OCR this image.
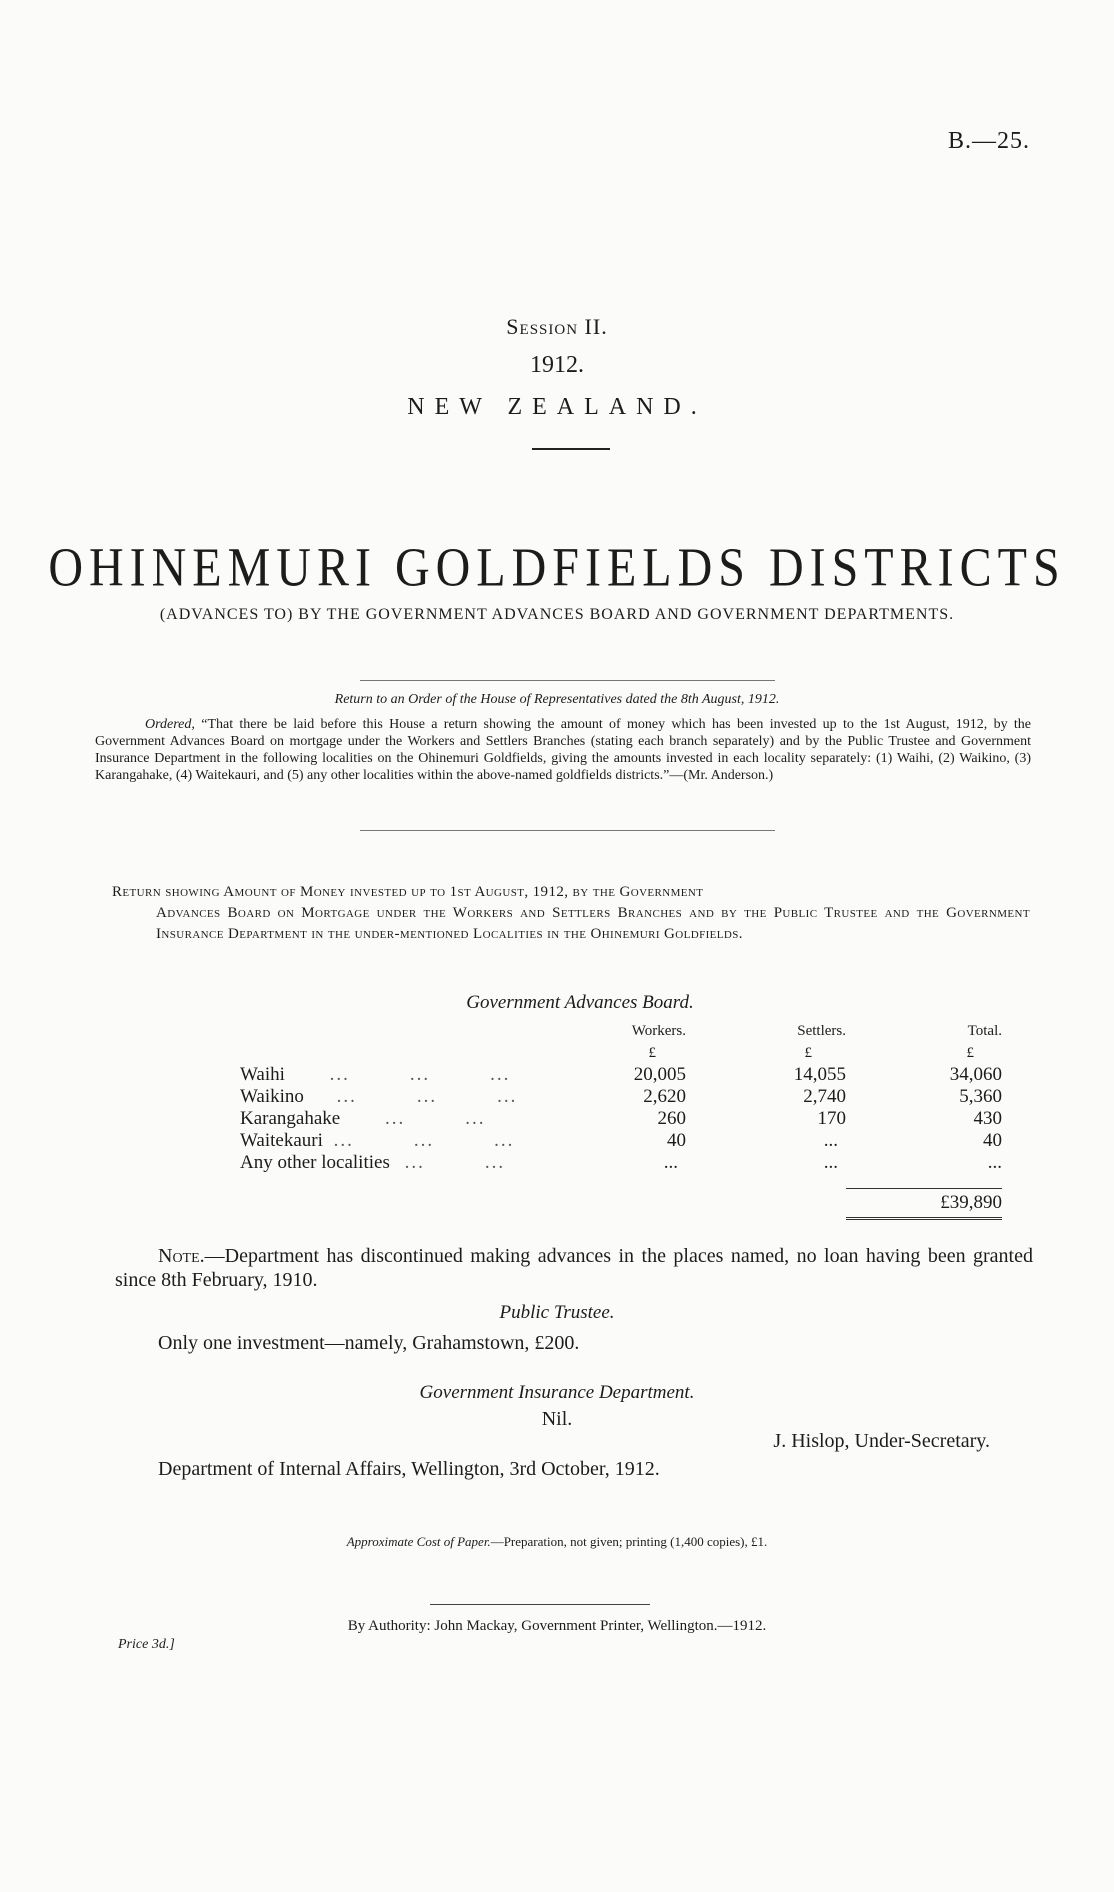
B.—25.
Session II.
1912.
NEW ZEALAND.
OHINEMURI GOLDFIELDS DISTRICTS
(ADVANCES TO) BY THE GOVERNMENT ADVANCES BOARD AND GOVERNMENT DEPARTMENTS.
Return to an Order of the House of Representatives dated the 8th August, 1912.
Ordered, “That there be laid before this House a return showing the amount of money which has been invested up to the 1st August, 1912, by the Government Advances Board on mortgage under the Workers and Settlers Branches (stating each branch separately) and by the Public Trustee and Government Insurance Department in the following localities on the Ohinemuri Goldfields, giving the amounts invested in each locality separately: (1) Waihi, (2) Waikino, (3) Karangahake, (4) Waitekauri, and (5) any other localities within the above-named goldfields districts.”—(Mr. Anderson.)
Return showing Amount of Money invested up to 1st August, 1912, by the Government
Advances Board on Mortgage under the Workers and Settlers Branches and by the Public Trustee and the Government Insurance Department in the under-mentioned Localities in the Ohinemuri Goldfields.
Government Advances Board.
	Workers.	Settlers.	Total.
	£	£	£
Waihi ... ... ...	20,005	14,055	34,060
Waikino ... ... ...	2,620	2,740	5,360
Karangahake ... ...	260	170	430
Waitekauri ... ... ...	40	...	40
Any other localities ... ...	...	...	...

			£39,890
Note.—Department has discontinued making advances in the places named, no loan having been granted since 8th February, 1910.
Public Trustee.
Only one investment—namely, Grahamstown, £200.
Government Insurance Department.
Nil.
J. Hislop, Under-Secretary.
Department of Internal Affairs, Wellington, 3rd October, 1912.
Approximate Cost of Paper.—Preparation, not given; printing (1,400 copies), £1.
By Authority: John Mackay, Government Printer, Wellington.—1912.
Price 3d.]
